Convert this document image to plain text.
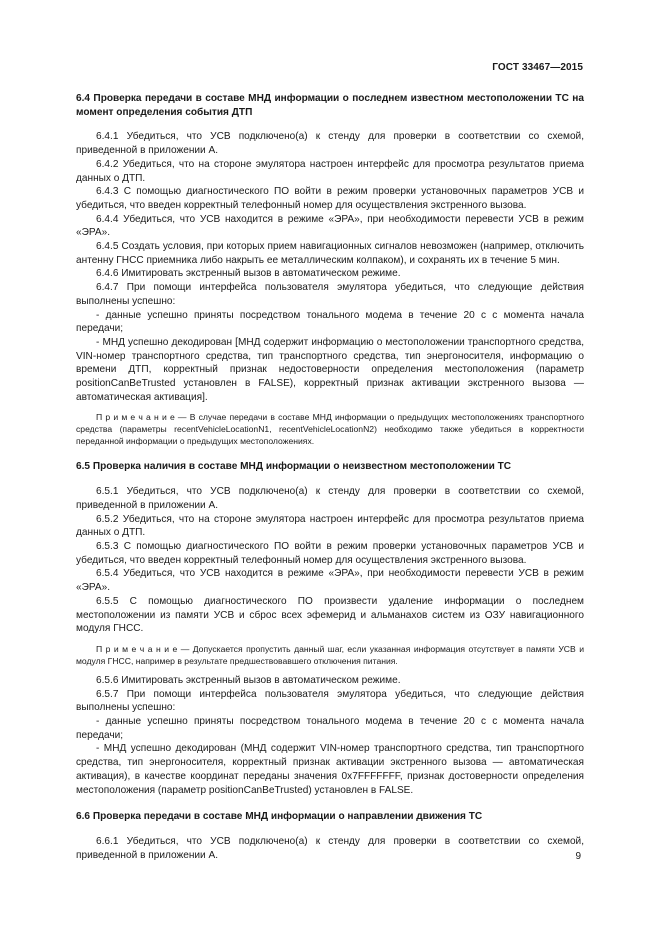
ГОСТ 33467—2015

6.4 Проверка передачи в составе МНД информации о последнем известном местоположении ТС на момент определения события ДТП

6.4.1 Убедиться, что УСВ подключено(а) к стенду для проверки в соответствии со схемой, приведенной в приложении А.

6.4.2 Убедиться, что на стороне эмулятора настроен интерфейс для просмотра результатов приема данных о ДТП.

6.4.3 С помощью диагностического ПО войти в режим проверки установочных параметров УСВ и убедиться, что введен корректный телефонный номер для осуществления экстренного вызова.

6.4.4 Убедиться, что УСВ находится в режиме «ЭРА», при необходимости перевести УСВ в режим «ЭРА».

6.4.5 Создать условия, при которых прием навигационных сигналов невозможен (например, отключить антенну ГНСС приемника либо накрыть ее металлическим колпаком), и сохранять их в течение 5 мин.

6.4.6 Имитировать экстренный вызов в автоматическом режиме.

6.4.7 При помощи интерфейса пользователя эмулятора убедиться, что следующие действия выполнены успешно:

- данные успешно приняты посредством тонального модема в течение 20 с с момента начала передачи;

- МНД успешно декодирован [МНД содержит информацию о местоположении транспортного средства, VIN-номер транспортного средства, тип транспортного средства, тип энергоносителя, информацию о времени ДТП, корректный признак недостоверности определения местоположения (параметр positionCanBeTrusted установлен в FALSE), корректный признак активации экстренного вызова — автоматическая активация].

П р и м е ч а н и е — В случае передачи в составе МНД информации о предыдущих местоположениях транспортного средства (параметры recentVehicleLocationN1, recentVehicleLocationN2) необходимо также убедиться в корректности переданной информации о предыдущих местоположениях.

6.5 Проверка наличия в составе МНД информации о неизвестном местоположении ТС

6.5.1 Убедиться, что УСВ подключено(а) к стенду для проверки в соответствии со схемой, приведенной в приложении А.

6.5.2 Убедиться, что на стороне эмулятора настроен интерфейс для просмотра результатов приема данных о ДТП.

6.5.3 С помощью диагностического ПО войти в режим проверки установочных параметров УСВ и убедиться, что введен корректный телефонный номер для осуществления экстренного вызова.

6.5.4 Убедиться, что УСВ находится в режиме «ЭРА», при необходимости перевести УСВ в режим «ЭРА».

6.5.5 С помощью диагностического ПО произвести удаление информации о последнем местоположении из памяти УСВ и сброс всех эфемерид и альманахов систем из ОЗУ навигационного модуля ГНСС.

П р и м е ч а н и е — Допускается пропустить данный шаг, если указанная информация отсутствует в памяти УСВ и модуля ГНСС, например в результате предшествовавшего отключения питания.

6.5.6 Имитировать экстренный вызов в автоматическом режиме.

6.5.7 При помощи интерфейса пользователя эмулятора убедиться, что следующие действия выполнены успешно:

- данные успешно приняты посредством тонального модема в течение 20 с с момента начала передачи;

- МНД успешно декодирован (МНД содержит VIN-номер транспортного средства, тип транспортного средства, тип энергоносителя, корректный признак активации экстренного вызова — автоматическая активация), в качестве координат переданы значения 0x7FFFFFFF, признак достоверности определения местоположения (параметр positionCanBeTrusted) установлен в FALSE.

6.6 Проверка передачи в составе МНД информации о направлении движения ТС

6.6.1 Убедиться, что УСВ подключено(а) к стенду для проверки в соответствии со схемой, приведенной в приложении А.	9
